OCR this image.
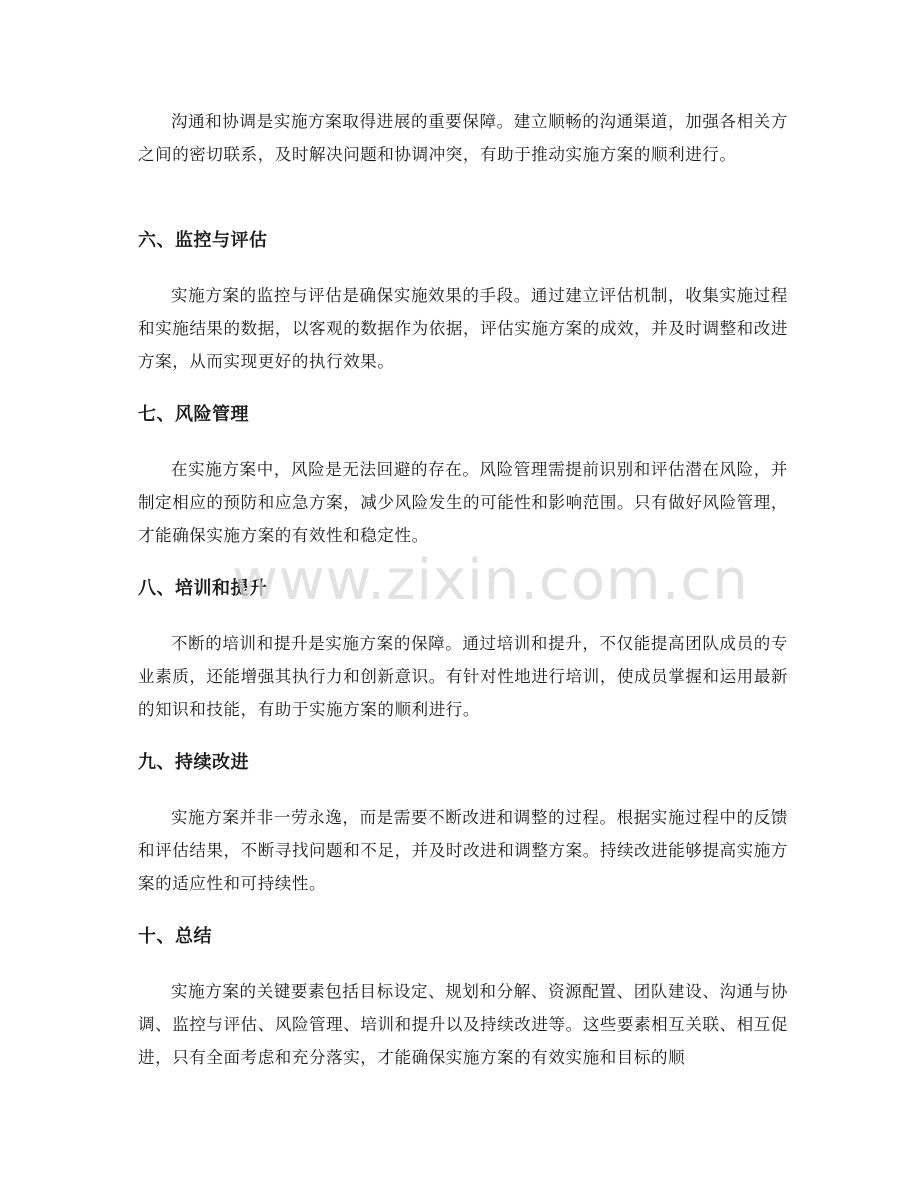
沟通和协调是实施方案取得进展的重要保障。建立顺畅的沟通渠道，加强各相关方之间的密切联系，及时解决问题和协调冲突，有助于推动实施方案的顺利进行。

六、监控与评估

实施方案的监控与评估是确保实施效果的手段。通过建立评估机制，收集实施过程和实施结果的数据，以客观的数据作为依据，评估实施方案的成效，并及时调整和改进方案，从而实现更好的执行效果。

七、风险管理

在实施方案中，风险是无法回避的存在。风险管理需提前识别和评估潜在风险，并制定相应的预防和应急方案，减少风险发生的可能性和影响范围。只有做好风险管理，才能确保实施方案的有效性和稳定性。

八、培训和提升

不断的培训和提升是实施方案的保障。通过培训和提升，不仅能提高团队成员的专业素质，还能增强其执行力和创新意识。有针对性地进行培训，使成员掌握和运用最新的知识和技能，有助于实施方案的顺利进行。

九、持续改进

实施方案并非一劳永逸，而是需要不断改进和调整的过程。根据实施过程中的反馈和评估结果，不断寻找问题和不足，并及时改进和调整方案。持续改进能够提高实施方案的适应性和可持续性。

十、总结

实施方案的关键要素包括目标设定、规划和分解、资源配置、团队建设、沟通与协调、监控与评估、风险管理、培训和提升以及持续改进等。这些要素相互关联、相互促进，只有全面考虑和充分落实，才能确保实施方案的有效实施和目标的顺

www.zixin.com.cn
